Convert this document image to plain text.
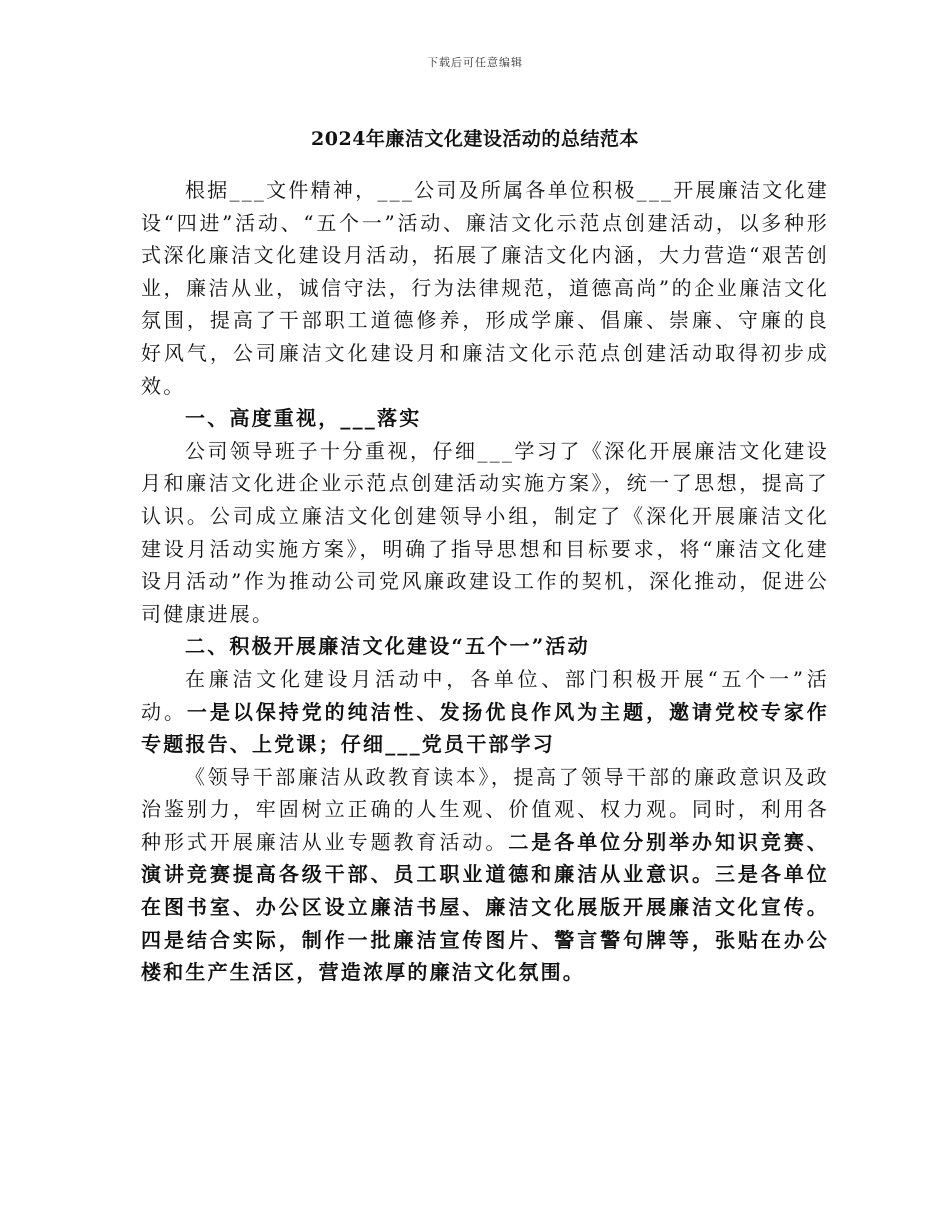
下载后可任意编辑
2024年廉洁文化建设活动的总结范本

根据___文件精神，___公司及所属各单位积极___开展廉洁文化建设“四进”活动、“五个一”活动、廉洁文化示范点创建活动，以多种形式深化廉洁文化建设月活动，拓展了廉洁文化内涵，大力营造“艰苦创业，廉洁从业，诚信守法，行为法律规范，道德高尚”的企业廉洁文化氛围，提高了干部职工道德修养，形成学廉、倡廉、崇廉、守廉的良好风气，公司廉洁文化建设月和廉洁文化示范点创建活动取得初步成效。

一、高度重视，___落实

公司领导班子十分重视，仔细___学习了《深化开展廉洁文化建设月和廉洁文化进企业示范点创建活动实施方案》，统一了思想，提高了认识。公司成立廉洁文化创建领导小组，制定了《深化开展廉洁文化建设月活动实施方案》，明确了指导思想和目标要求，将“廉洁文化建设月活动”作为推动公司党风廉政建设工作的契机，深化推动，促进公司健康进展。

二、积极开展廉洁文化建设“五个一”活动

在廉洁文化建设月活动中，各单位、部门积极开展“五个一”活动。一是以保持党的纯洁性、发扬优良作风为主题，邀请党校专家作专题报告、上党课；仔细___党员干部学习

《领导干部廉洁从政教育读本》，提高了领导干部的廉政意识及政治鉴别力，牢固树立正确的人生观、价值观、权力观。同时，利用各种形式开展廉洁从业专题教育活动。二是各单位分别举办知识竞赛、演讲竞赛提高各级干部、员工职业道德和廉洁从业意识。三是各单位在图书室、办公区设立廉洁书屋、廉洁文化展版开展廉洁文化宣传。四是结合实际，制作一批廉洁宣传图片、警言警句牌等，张贴在办公楼和生产生活区，营造浓厚的廉洁文化氛围。
